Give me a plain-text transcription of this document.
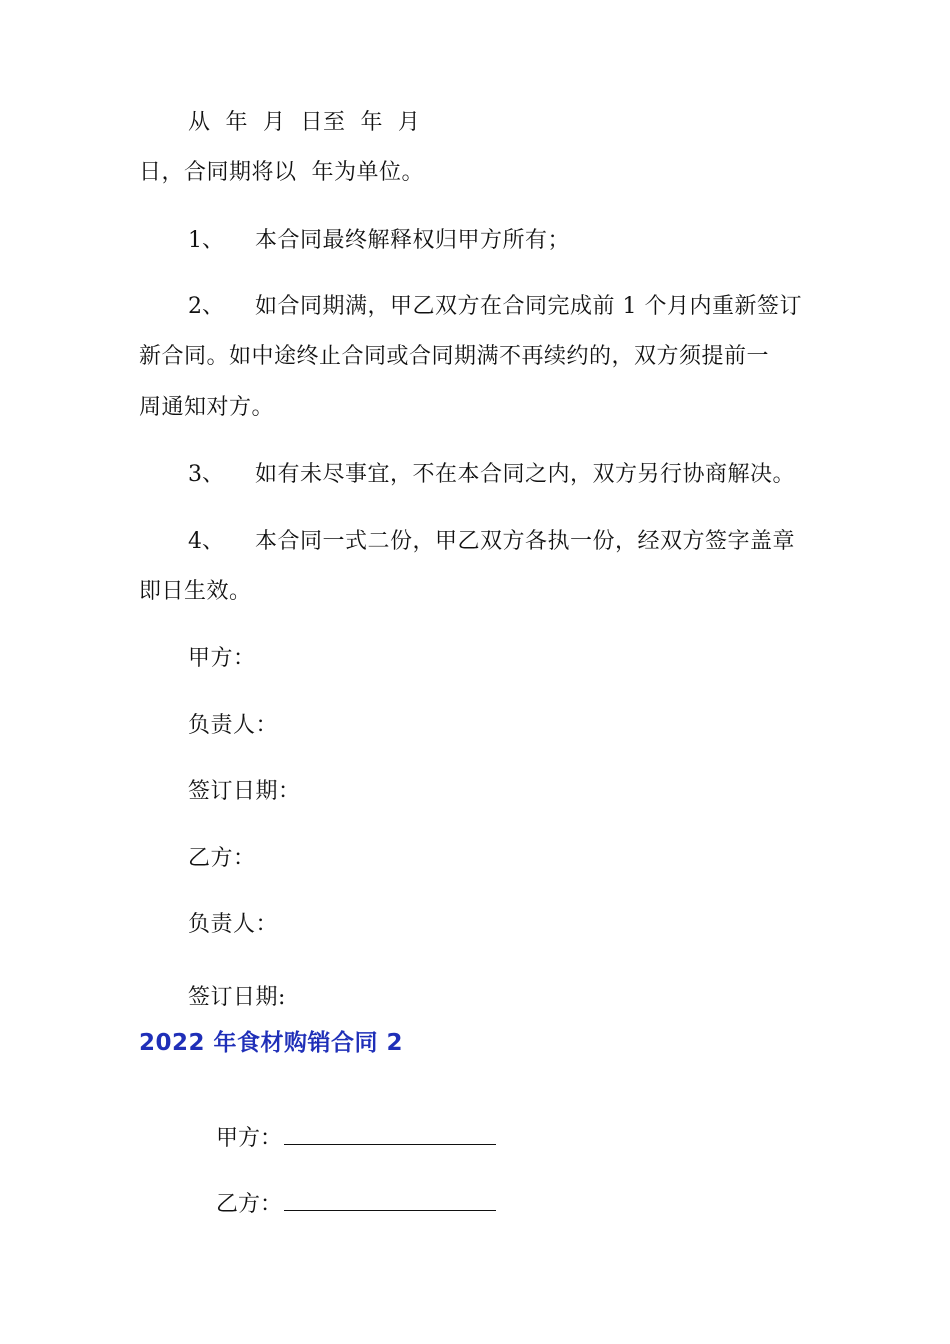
从  年  月  日至  年  月
日，合同期将以  年为单位。
1、 本合同最终解释权归甲方所有；
2、 如合同期满，甲乙双方在合同完成前 1 个月内重新签订
新合同。如中途终止合同或合同期满不再续约的，双方须提前一
周通知对方。
3、 如有未尽事宜，不在本合同之内，双方另行协商解决。
4、 本合同一式二份，甲乙双方各执一份，经双方签字盖章
即日生效。
甲方：
负责人：
签订日期：
乙方：
负责人：
签订日期:
2022 年食材购销合同 2

甲方：

乙方：
